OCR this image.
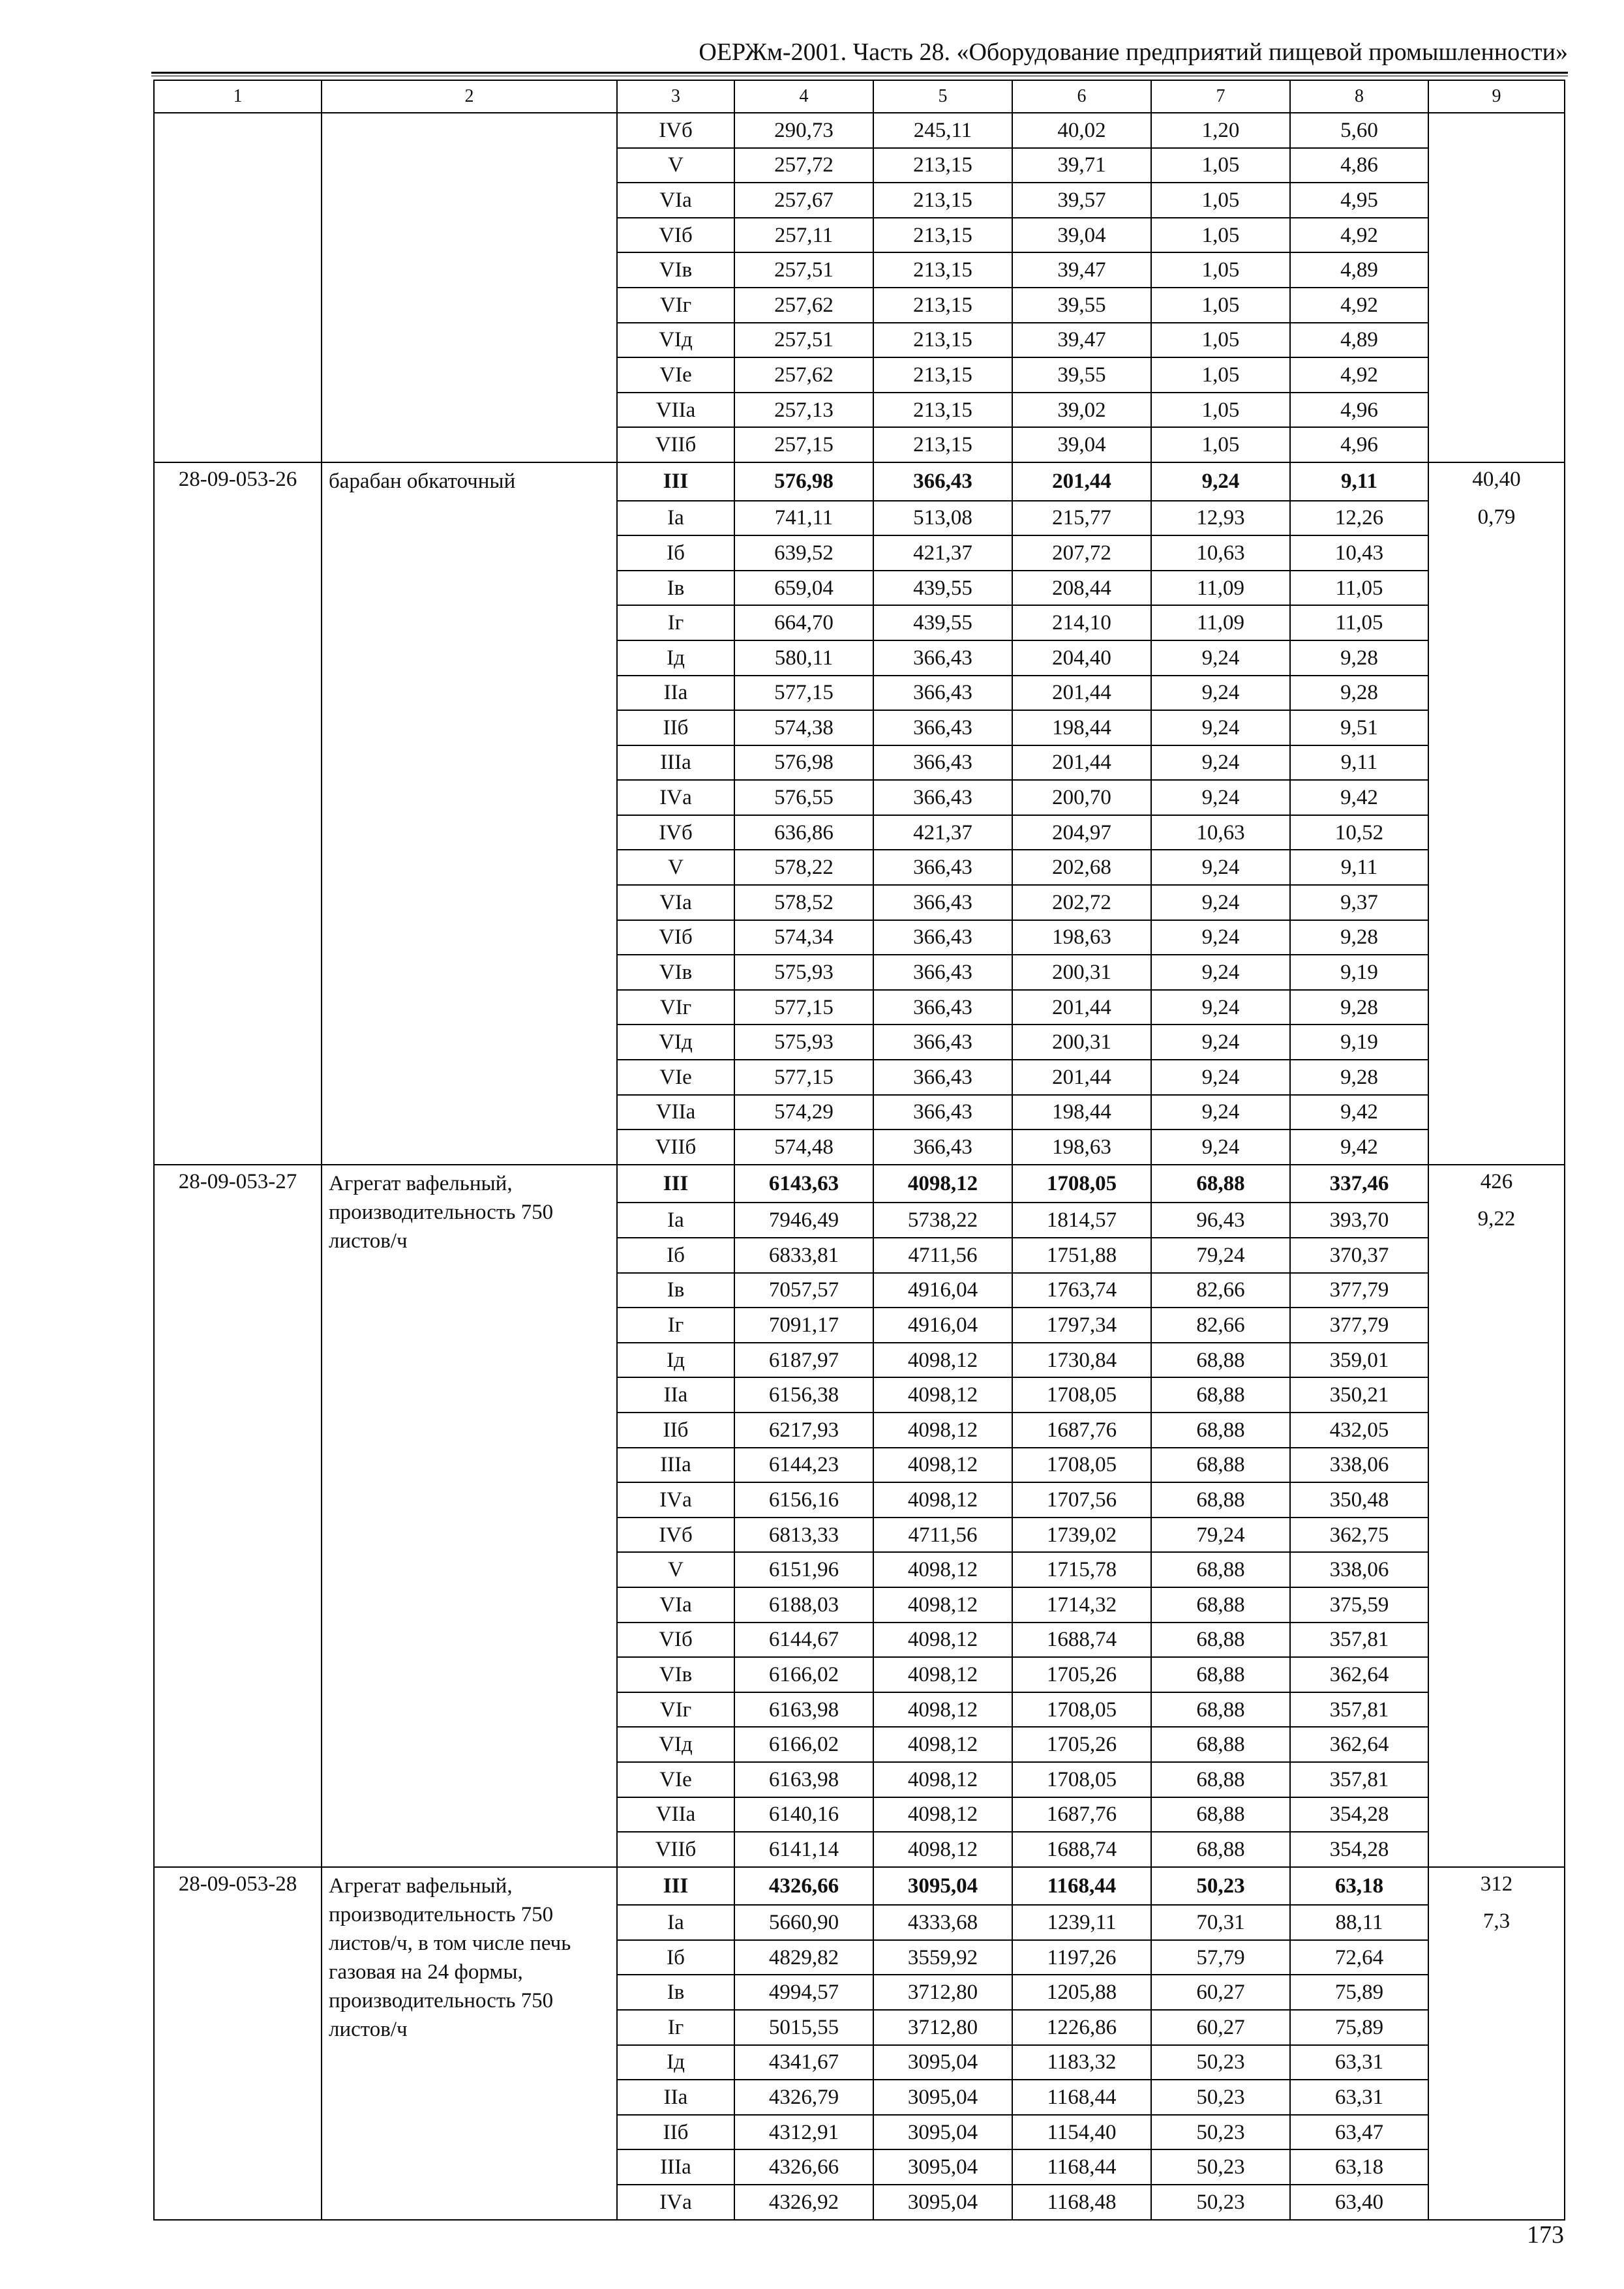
ОЕРЖм-2001. Часть 28. «Оборудование предприятий пищевой промышленности»
1	2	3	4	5	6	7	8	9
		IVб	290,73	245,11	40,02	1,20	5,60	
		V	257,72	213,15	39,71	1,05	4,86	
		VIа	257,67	213,15	39,57	1,05	4,95	
		VIб	257,11	213,15	39,04	1,05	4,92	
		VIв	257,51	213,15	39,47	1,05	4,89	
		VIг	257,62	213,15	39,55	1,05	4,92	
		VIд	257,51	213,15	39,47	1,05	4,89	
		VIе	257,62	213,15	39,55	1,05	4,92	
		VIIа	257,13	213,15	39,02	1,05	4,96	
		VIIб	257,15	213,15	39,04	1,05	4,96	
28-09-053-26	барабан обкаточный	III	576,98	366,43	201,44	9,24	9,11	40,40
		Iа	741,11	513,08	215,77	12,93	12,26	0,79
		Iб	639,52	421,37	207,72	10,63	10,43	
		Iв	659,04	439,55	208,44	11,09	11,05	
		Iг	664,70	439,55	214,10	11,09	11,05	
		Iд	580,11	366,43	204,40	9,24	9,28	
		IIа	577,15	366,43	201,44	9,24	9,28	
		IIб	574,38	366,43	198,44	9,24	9,51	
		IIIа	576,98	366,43	201,44	9,24	9,11	
		IVа	576,55	366,43	200,70	9,24	9,42	
		IVб	636,86	421,37	204,97	10,63	10,52	
		V	578,22	366,43	202,68	9,24	9,11	
		VIа	578,52	366,43	202,72	9,24	9,37	
		VIб	574,34	366,43	198,63	9,24	9,28	
		VIв	575,93	366,43	200,31	9,24	9,19	
		VIг	577,15	366,43	201,44	9,24	9,28	
		VIд	575,93	366,43	200,31	9,24	9,19	
		VIе	577,15	366,43	201,44	9,24	9,28	
		VIIа	574,29	366,43	198,44	9,24	9,42	
		VIIб	574,48	366,43	198,63	9,24	9,42	
28-09-053-27	Агрегат вафельный, производительность 750 листов/ч	III	6143,63	4098,12	1708,05	68,88	337,46	426
		Iа	7946,49	5738,22	1814,57	96,43	393,70	9,22
		Iб	6833,81	4711,56	1751,88	79,24	370,37	
		Iв	7057,57	4916,04	1763,74	82,66	377,79	
		Iг	7091,17	4916,04	1797,34	82,66	377,79	
		Iд	6187,97	4098,12	1730,84	68,88	359,01	
		IIа	6156,38	4098,12	1708,05	68,88	350,21	
		IIб	6217,93	4098,12	1687,76	68,88	432,05	
		IIIа	6144,23	4098,12	1708,05	68,88	338,06	
		IVа	6156,16	4098,12	1707,56	68,88	350,48	
		IVб	6813,33	4711,56	1739,02	79,24	362,75	
		V	6151,96	4098,12	1715,78	68,88	338,06	
		VIа	6188,03	4098,12	1714,32	68,88	375,59	
		VIб	6144,67	4098,12	1688,74	68,88	357,81	
		VIв	6166,02	4098,12	1705,26	68,88	362,64	
		VIг	6163,98	4098,12	1708,05	68,88	357,81	
		VIд	6166,02	4098,12	1705,26	68,88	362,64	
		VIе	6163,98	4098,12	1708,05	68,88	357,81	
		VIIа	6140,16	4098,12	1687,76	68,88	354,28	
		VIIб	6141,14	4098,12	1688,74	68,88	354,28	
28-09-053-28	Агрегат вафельный, производительность 750 листов/ч, в том числе печь газовая на 24 формы, производительность 750 листов/ч	III	4326,66	3095,04	1168,44	50,23	63,18	312
		Iа	5660,90	4333,68	1239,11	70,31	88,11	7,3
		Iб	4829,82	3559,92	1197,26	57,79	72,64	
		Iв	4994,57	3712,80	1205,88	60,27	75,89	
		Iг	5015,55	3712,80	1226,86	60,27	75,89	
		Iд	4341,67	3095,04	1183,32	50,23	63,31	
		IIа	4326,79	3095,04	1168,44	50,23	63,31	
		IIб	4312,91	3095,04	1154,40	50,23	63,47	
		IIIа	4326,66	3095,04	1168,44	50,23	63,18	
		IVа	4326,92	3095,04	1168,48	50,23	63,40	
173
